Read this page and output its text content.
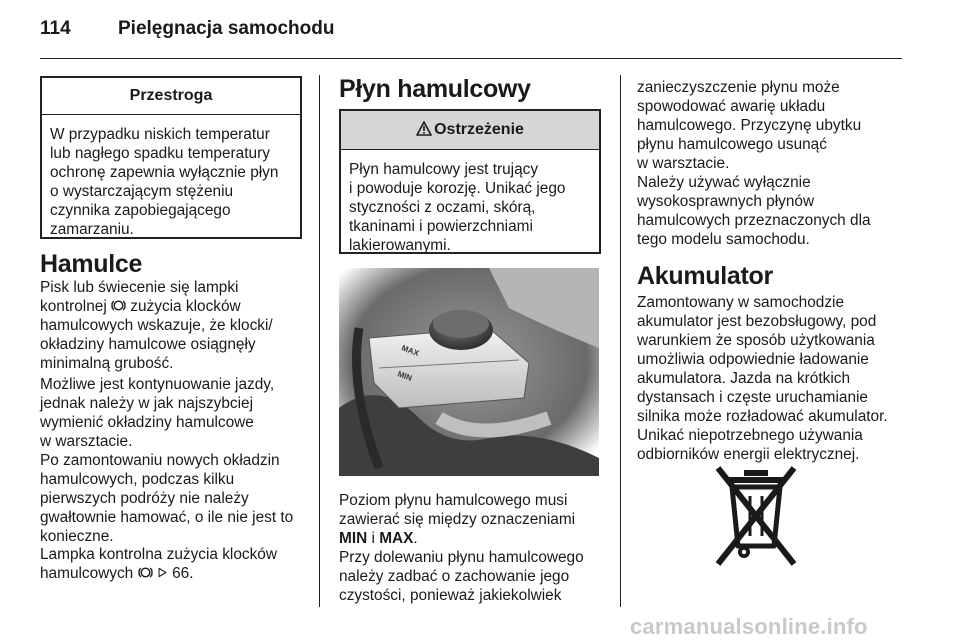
114	Pielęgnacja samochodu
Przestroga

W przypadku niskich temperatur
lub nagłego spadku temperatury
ochronę zapewnia wyłącznie płyn
o wystarczającym stężeniu
czynnika zapobiegającego
zamarzaniu.

Hamulce

Pisk lub świecenie się lampki
kontrolnej zużycia klocków
hamulcowych wskazuje, że klocki/
okładziny hamulcowe osiągnęły
minimalną grubość.

Możliwe jest kontynuowanie jazdy,
jednak należy w jak najszybciej
wymienić okładziny hamulcowe
w warsztacie.

Po zamontowaniu nowych okładzin
hamulcowych, podczas kilku
pierwszych podróży nie należy
gwałtownie hamować, o ile nie jest to
konieczne.

Lampka kontrolna zużycia klocków
hamulcowych	66.

Płyn hamulcowy
Ostrzeżenie

Płyn hamulcowy jest trujący
i powoduje korozję. Unikać jego
styczności z oczami, skórą,
tkaninami i powierzchniami
lakierowanymi.

MAX
MIN

Poziom płynu hamulcowego musi
zawierać się między oznaczeniami
MIN i MAX.

Przy dolewaniu płynu hamulcowego
należy zadbać o zachowanie jego
czystości, ponieważ jakiekolwiek

zanieczyszczenie płynu może
spowodować awarię układu
hamulcowego. Przyczynę ubytku
płynu hamulcowego usunąć
w warsztacie.

Należy używać wyłącznie
wysokosprawnych płynów
hamulcowych przeznaczonych dla
tego modelu samochodu.

Akumulator

Zamontowany w samochodzie
akumulator jest bezobsługowy, pod
warunkiem że sposób użytkowania
umożliwia odpowiednie ładowanie
akumulatora. Jazda na krótkich
dystansach i częste uruchamianie
silnika może rozładować akumulator.
Unikać niepotrzebnego używania
odbiorników energii elektrycznej.

carmanualsonline.info
